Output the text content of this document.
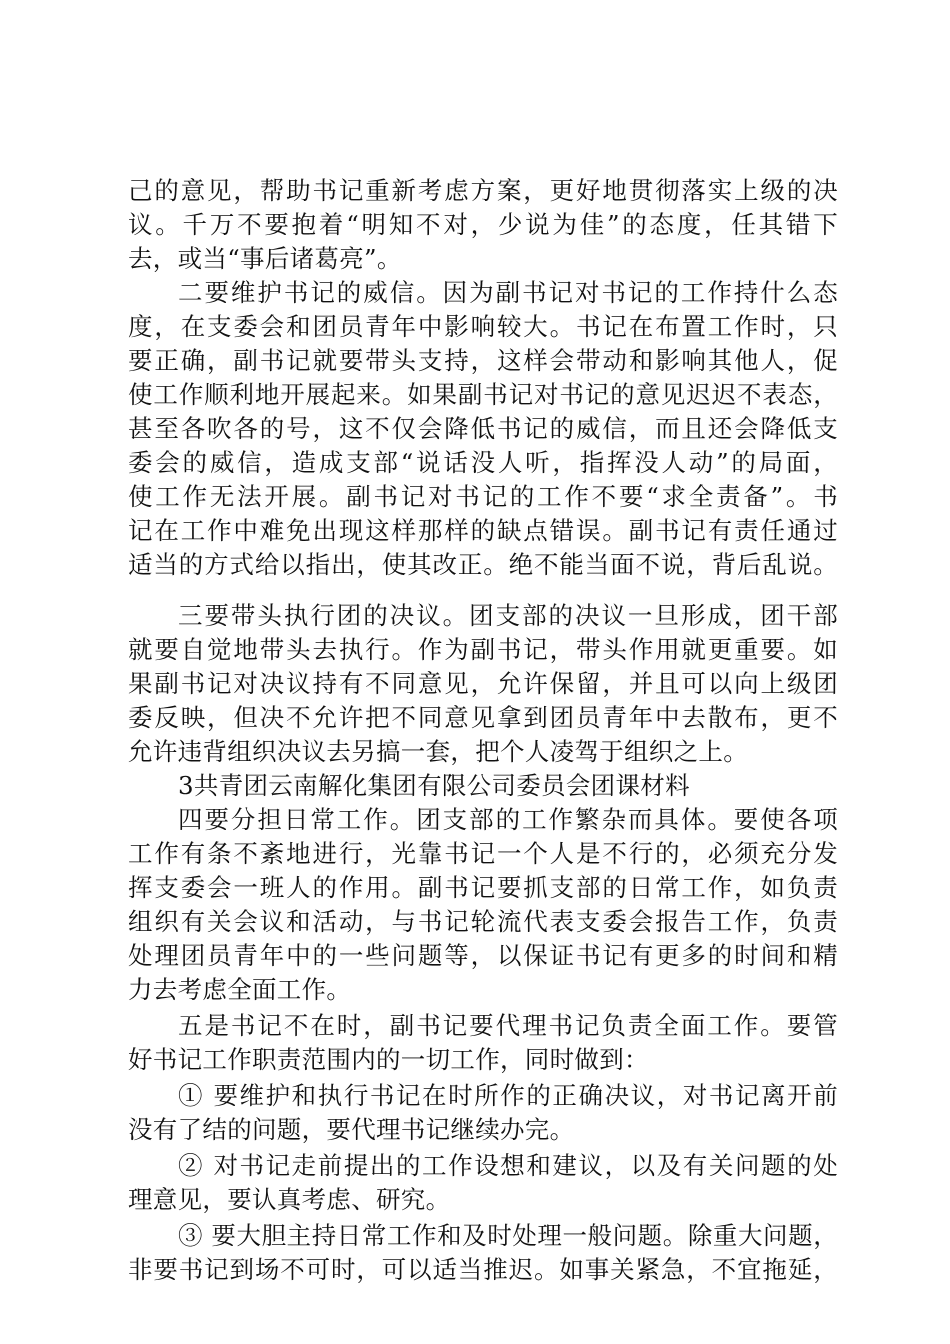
己的意见，帮助书记重新考虑方案，更好地贯彻落实上级的决
议。千万不要抱着“明知不对，少说为佳”的态度，任其错下
去，或当“事后诸葛亮”。
二要维护书记的威信。因为副书记对书记的工作持什么态
度，在支委会和团员青年中影响较大。书记在布置工作时，只
要正确，副书记就要带头支持，这样会带动和影响其他人，促
使工作顺利地开展起来。如果副书记对书记的意见迟迟不表态，
甚至各吹各的号，这不仅会降低书记的威信，而且还会降低支
委会的威信，造成支部“说话没人听，指挥没人动”的局面，
使工作无法开展。副书记对书记的工作不要“求全责备”。书
记在工作中难免出现这样那样的缺点错误。副书记有责任通过
适当的方式给以指出，使其改正。绝不能当面不说，背后乱说。
三要带头执行团的决议。团支部的决议一旦形成，团干部
就要自觉地带头去执行。作为副书记，带头作用就更重要。如
果副书记对决议持有不同意见，允许保留，并且可以向上级团
委反映，但决不允许把不同意见拿到团员青年中去散布，更不
允许违背组织决议去另搞一套，把个人凌驾于组织之上。
3共青团云南解化集团有限公司委员会团课材料
四要分担日常工作。团支部的工作繁杂而具体。要使各项
工作有条不紊地进行，光靠书记一个人是不行的，必须充分发
挥支委会一班人的作用。副书记要抓支部的日常工作，如负责
组织有关会议和活动，与书记轮流代表支委会报告工作，负责
处理团员青年中的一些问题等，以保证书记有更多的时间和精
力去考虑全面工作。
五是书记不在时，副书记要代理书记负责全面工作。要管
好书记工作职责范围内的一切工作，同时做到：
① 要维护和执行书记在时所作的正确决议，对书记离开前
没有了结的问题，要代理书记继续办完。
② 对书记走前提出的工作设想和建议，以及有关问题的处
理意见，要认真考虑、研究。
③ 要大胆主持日常工作和及时处理一般问题。除重大问题，
非要书记到场不可时，可以适当推迟。如事关紧急，不宜拖延，
